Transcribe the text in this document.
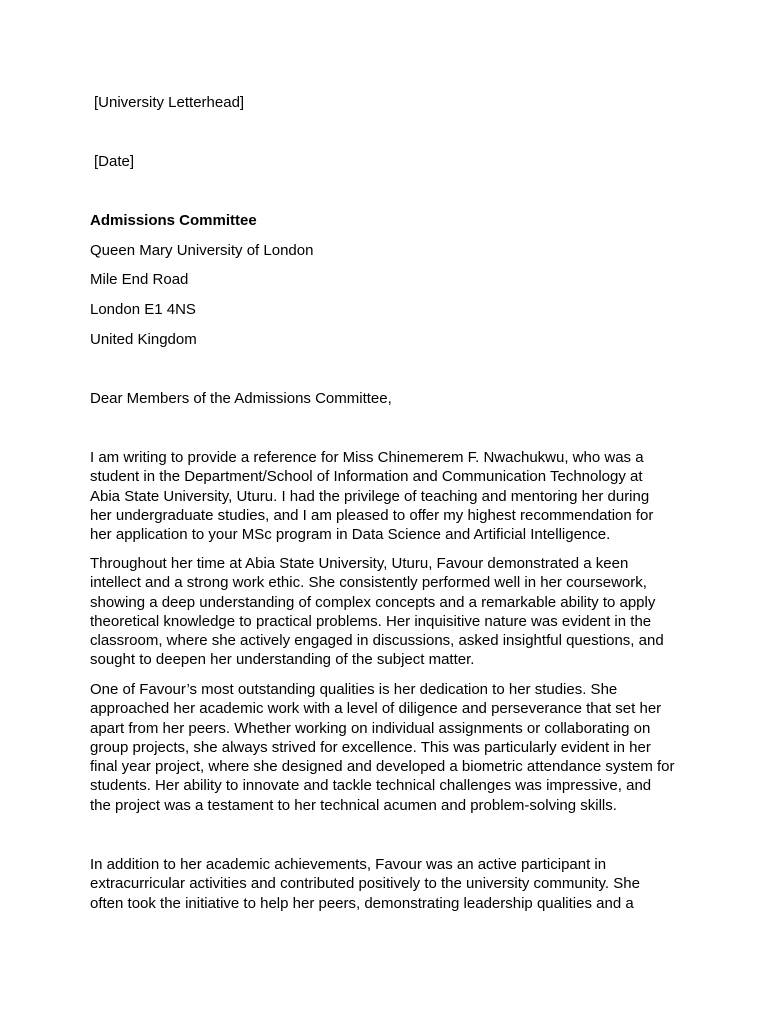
[University Letterhead]
[Date]
Admissions Committee
Queen Mary University of London
Mile End Road
London E1 4NS
United Kingdom
Dear Members of the Admissions Committee,
I am writing to provide a reference for Miss Chinemerem F. Nwachukwu, who was a
student in the Department/School of Information and Communication Technology at
Abia State University, Uturu. I had the privilege of teaching and mentoring her during
her undergraduate studies, and I am pleased to offer my highest recommendation for
her application to your MSc program in Data Science and Artificial Intelligence.
Throughout her time at Abia State University, Uturu, Favour demonstrated a keen
intellect and a strong work ethic. She consistently performed well in her coursework,
showing a deep understanding of complex concepts and a remarkable ability to apply
theoretical knowledge to practical problems. Her inquisitive nature was evident in the
classroom, where she actively engaged in discussions, asked insightful questions, and
sought to deepen her understanding of the subject matter.
One of Favour’s most outstanding qualities is her dedication to her studies. She
approached her academic work with a level of diligence and perseverance that set her
apart from her peers. Whether working on individual assignments or collaborating on
group projects, she always strived for excellence. This was particularly evident in her
final year project, where she designed and developed a biometric attendance system for
students. Her ability to innovate and tackle technical challenges was impressive, and
the project was a testament to her technical acumen and problem-solving skills.
In addition to her academic achievements, Favour was an active participant in
extracurricular activities and contributed positively to the university community. She
often took the initiative to help her peers, demonstrating leadership qualities and a
